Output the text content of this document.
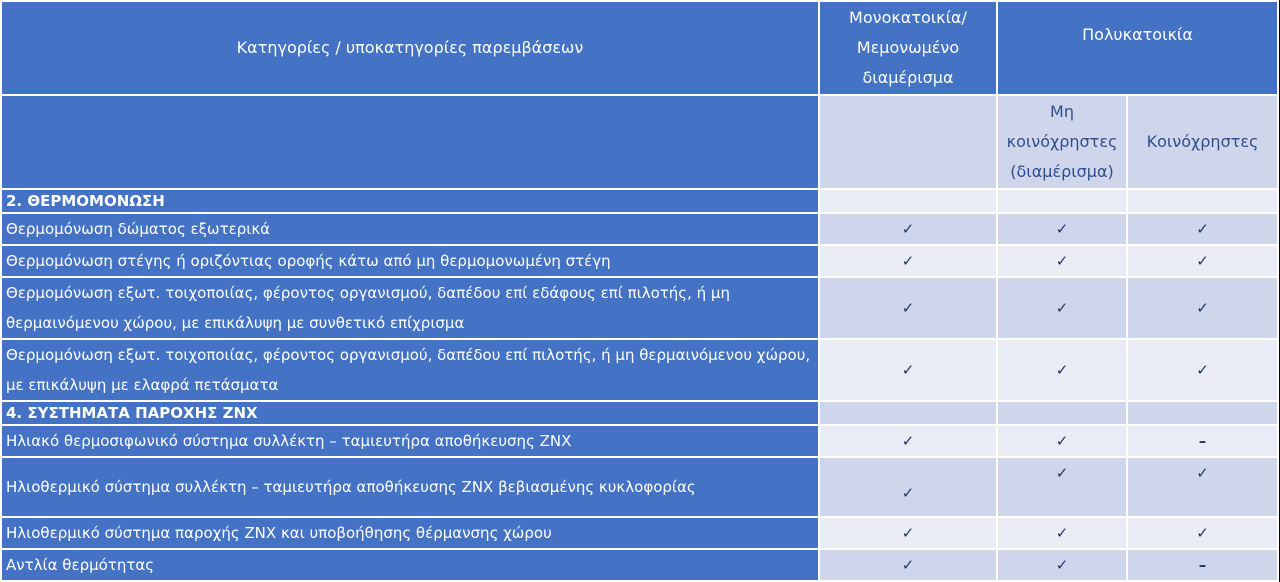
Κατηγορίες / υποκατηγορίες παρεμβάσεων	Μονοκατοικία/ Μεμονωμένο διαμέρισμα	Πολυκατοικία	
		Μη κοινόχρηστες (διαμέρισμα)	Κοινόχρηστες
2. ΘΕΡΜΟΜΟΝΩΣΗ			
Θερμομόνωση δώματος εξωτερικά	✓	✓	✓
Θερμομόνωση στέγης ή οριζόντιας οροφής κάτω από μη θερμομονωμένη στέγη	✓	✓	✓
Θερμομόνωση εξωτ. τοιχοποιίας, φέροντος οργανισμού, δαπέδου επί εδάφους επί πιλοτής, ή μη θερμαινόμενου χώρου, με επικάλυψη με συνθετικό επίχρισμα	✓	✓	✓
Θερμομόνωση εξωτ. τοιχοποιίας, φέροντος οργανισμού, δαπέδου επί πιλοτής, ή μη θερμαινόμενου χώρου, με επικάλυψη με ελαφρά πετάσματα	✓	✓	✓
4. ΣΥΣΤΗΜΑΤΑ ΠΑΡΟΧΗΣ ZNX			
Ηλιακό θερμοσιφωνικό σύστημα συλλέκτη – ταμιευτήρα αποθήκευσης ZNX	✓	✓	–
Ηλιοθερμικό σύστημα συλλέκτη – ταμιευτήρα αποθήκευσης ZNX βεβιασμένης κυκλοφορίας	✓	✓	✓
Ηλιοθερμικό σύστημα παροχής ZNX και υποβοήθησης θέρμανσης χώρου	✓	✓	✓
Αντλία θερμότητας	✓	✓	–
